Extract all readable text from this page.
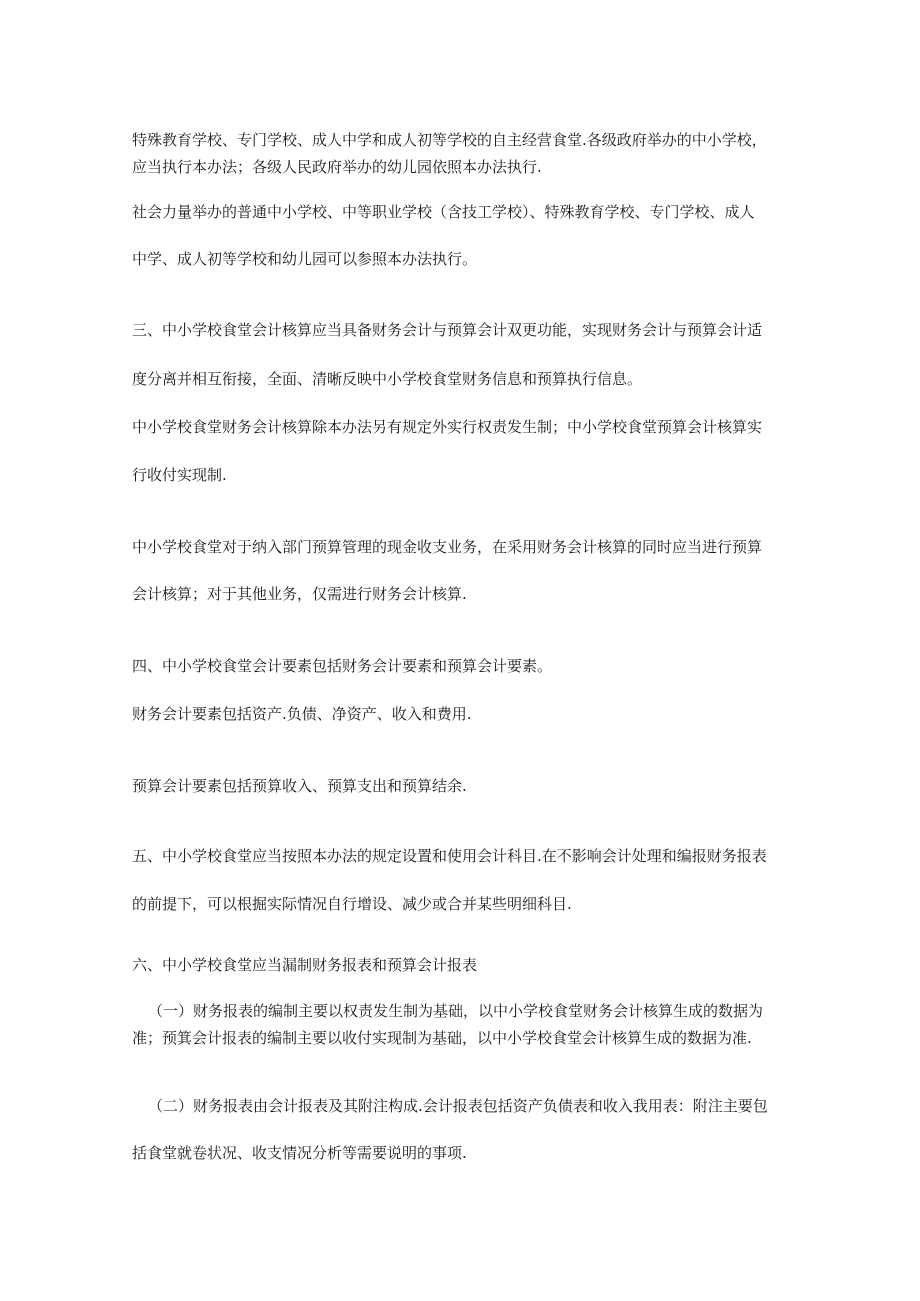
特殊教育学校、专门学校、成人中学和成人初等学校的自主经营食堂.各级政府举办的中小学校，
应当执行本办法；各级人民政府举办的幼儿园依照本办法执行.
社会力量举办的普通中小学校、中等职业学校（含技工学校）、特殊教育学校、专门学校、成人
中学、成人初等学校和幼儿园可以参照本办法执行。
三、中小学校食堂会计核算应当具备财务会计与预算会计双更功能，实现财务会计与预算会计适
度分离并相互衔接，全面、清晰反映中小学校食堂财务信息和预算执行信息。
中小学校食堂财务会计核算除本办法另有规定外实行权责发生制；中小学校食堂预算会计核算实
行收付实现制.
中小学校食堂对于纳入部门预算管理的现金收支业务，在采用财务会计核算的同时应当进行预算
会计核算；对于其他业务，仅需进行财务会计核算.
四、中小学校食堂会计要素包括财务会计要素和预算会计要素。
财务会计要素包括资产.负债、净资产、收入和费用.
预算会计要素包括预算收入、预算支出和预算结余.
五、中小学校食堂应当按照本办法的规定设置和使用会计科目.在不影响会计处理和编报财务报表
的前提下，可以根掘实际情况自行增设、减少或合并某些明细科目.
六、中小学校食堂应当漏制财务报表和预算会计报表
（一）财务报表的编制主要以权责发生制为基础，以中小学校食堂财务会计核算生成的数据为
准；预箕会计报表的编制主要以收付实现制为基础，以中小学校食堂会计核算生成的数据为准.
（二）财务报表由会计报表及其附注构成.会计报表包括资产负债表和收入我用表：附注主要包
括食堂就卷状况、收支情况分析等需要说明的事项.
